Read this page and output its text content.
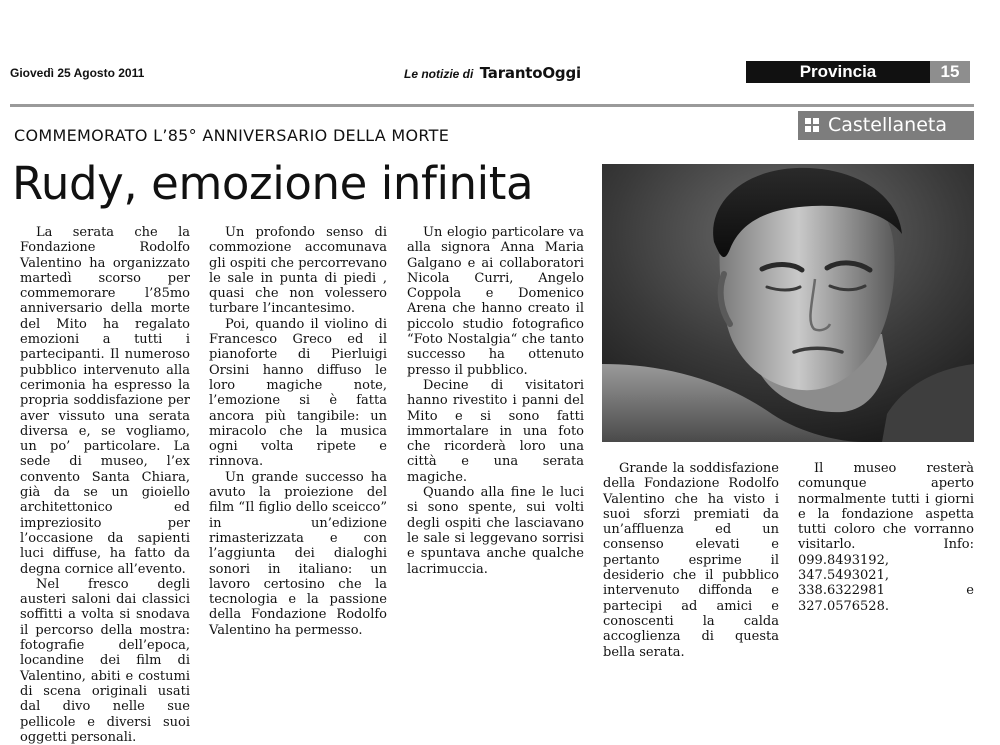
Giovedì 25 Agosto 2011	Le notizie di TarantoOggi	Provincia	15
Castellaneta
COMMEMORATO L’85° ANNIVERSARIO DELLA MORTE
Rudy, emozione infinita

La serata che la Fondazione Rodolfo Valentino ha organizzato martedì scorso per commemorare l’85mo anniversario della morte del Mito ha regalato emozioni a tutti i partecipanti. Il numeroso pubblico intervenuto alla cerimonia ha espresso la propria soddisfazione per aver vissuto una serata diversa e, se vogliamo, un po’ particolare. La sede di museo, l’ex convento Santa Chiara, già da se un gioiello architettonico ed impreziosito per l’occasione da sapienti luci diffuse, ha fatto da degna cornice all’evento.

Nel fresco degli austeri saloni dai classici soffitti a volta si snodava il percorso della mostra: fotografie dell’epoca, locandine dei film di Valentino, abiti e costumi di scena originali usati dal divo nelle sue pellicole e diversi suoi oggetti personali.

Un profondo senso di commozione accomunava gli ospiti che percorrevano le sale in punta di piedi , quasi che non volessero turbare l’incantesimo.

Poi, quando il violino di Francesco Greco ed il pianoforte di Pierluigi Orsini hanno diffuso le loro magiche note, l’emozione si è fatta ancora più tangibile: un miracolo che la musica ogni volta ripete e rinnova.

Un grande successo ha avuto la proiezione del film “Il figlio dello sceicco” in un’edizione rimasterizzata e con l’aggiunta dei dialoghi sonori in italiano: un lavoro certosino che la tecnologia e la passione della Fondazione Rodolfo Valentino ha permesso.

Un elogio particolare va alla signora Anna Maria Galgano e ai collaboratori Nicola Curri, Angelo Coppola e Domenico Arena che hanno creato il piccolo studio fotografico “Foto Nostalgia“ che tanto successo ha ottenuto presso il pubblico.

Decine di visitatori hanno rivestito i panni del Mito e si sono fatti immortalare in una foto che ricorderà loro una città e una serata magiche.

Quando alla fine le luci si sono spente, sui volti degli ospiti che lasciavano le sale si leggevano sorrisi e spuntava anche qualche lacrimuccia.

Grande la soddisfazione della Fondazione Rodolfo Valentino che ha visto i suoi sforzi premiati da un’affluenza ed un consenso elevati e pertanto esprime il desiderio che il pubblico intervenuto diffonda e partecipi ad amici e conoscenti la calda accoglienza di questa bella serata.

Il museo resterà comunque aperto normalmente tutti i giorni e la fondazione aspetta tutti coloro che vorranno visitarlo. Info: 099.8493192, 347.5493021, 338.6322981 e 327.0576528.
